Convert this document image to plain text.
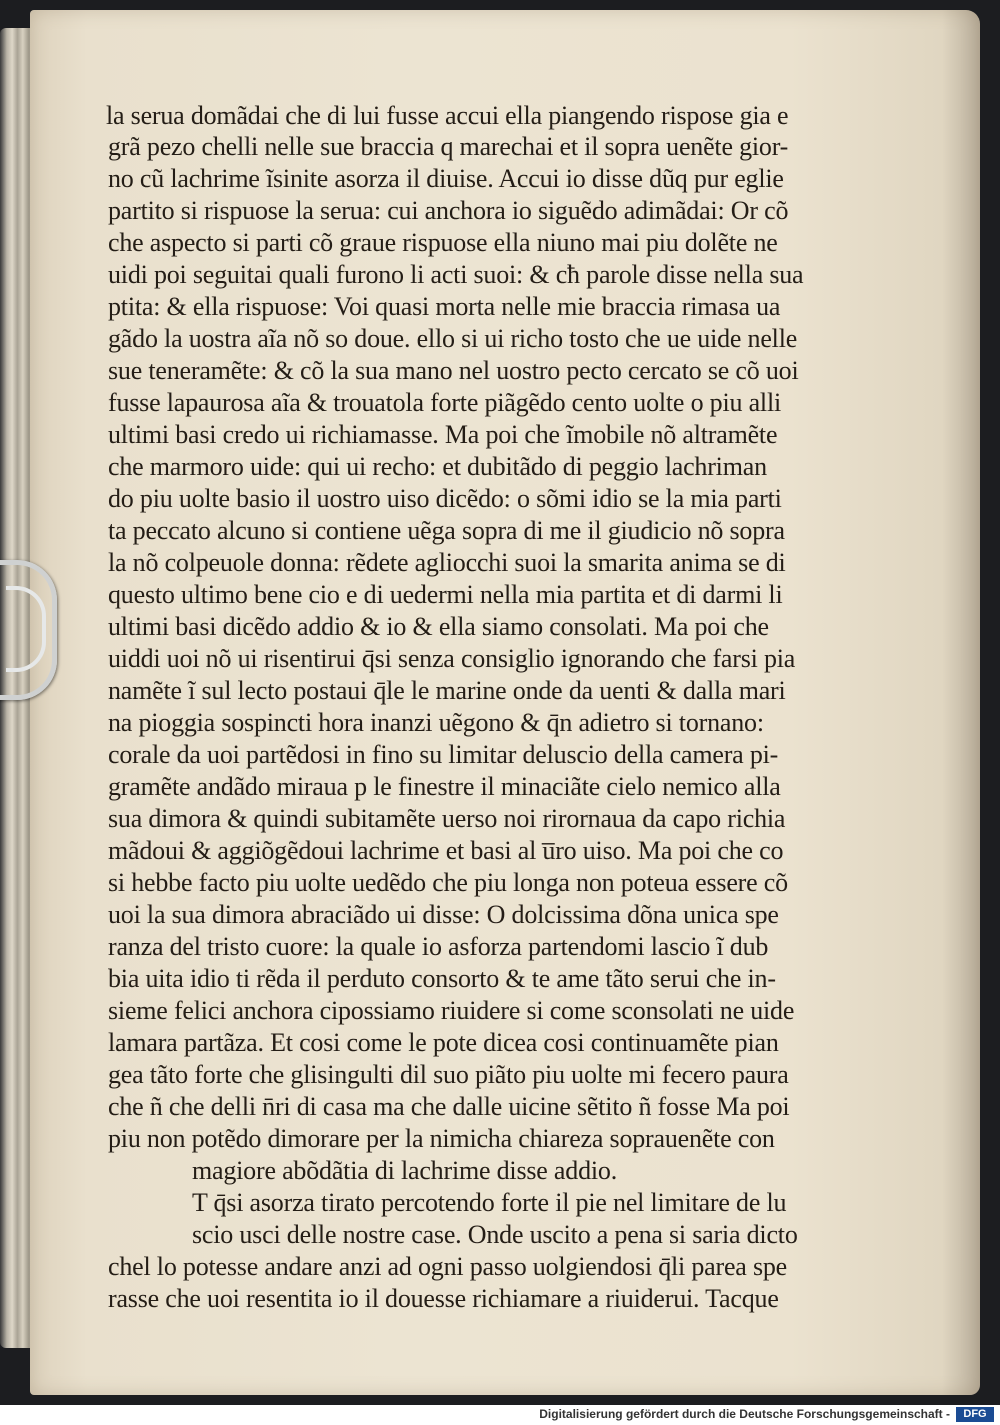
la serua domãdai che di lui fusse accui ella piangendo rispose gia e
grã pezo chelli nelle sue braccia q marechai et il sopra uenẽte gior-
no cũ lachrime ĩsinite asorza il diuise. Accui io disse dũq pur eglie
partito si rispuose la serua: cui anchora io siguẽdo adimãdai: Or cõ
che aspecto si parti cõ graue rispuose ella niuno mai piu dolẽte ne
uidi poi seguitai quali furono li acti suoi: & cħ parole disse nella sua
ptita: & ella rispuose: Voi quasi morta nelle mie braccia rimasa ua
gãdo la uostra aĩa nõ so doue. ello si ui richo tosto che ue uide nelle
sue teneramẽte: & cõ la sua mano nel uostro pecto cercato se cõ uoi
fusse lapaurosa aĩa & trouatola forte piãgẽdo cento uolte o piu alli
ultimi basi credo ui richiamasse. Ma poi che ĩmobile nõ altramẽte
che marmoro uide: qui ui recho: et dubitãdo di peggio lachriman
do piu uolte basio il uostro uiso dicẽdo: o sõmi idio se la mia parti
ta peccato alcuno si contiene uẽga sopra di me il giudicio nõ sopra
la nõ colpeuole donna: rẽdete agliocchi suoi la smarita anima se di
questo ultimo bene cio e di uedermi nella mia partita et di darmi li
ultimi basi dicẽdo addio & io & ella siamo consolati. Ma poi che
uiddi uoi nõ ui risentirui q̄si senza consiglio ignorando che farsi pia
namẽte ĩ sul lecto postaui q̄le le marine onde da uenti & dalla mari
na pioggia sospincti hora inanzi uẽgono & q̄n adietro si tornano:
corale da uoi partẽdosi in fino su limitar deluscio della camera pi-
gramẽte andãdo miraua p le finestre il minaciãte cielo nemico alla
sua dimora & quindi subitamẽte uerso noi rirornaua da capo richia
mãdoui & aggiõgẽdoui lachrime et basi al u̅ro uiso. Ma poi che co
si hebbe facto piu uolte uedẽdo che piu longa non poteua essere cõ
uoi la sua dimora abraciãdo ui disse: O dolcissima dõna unica spe
ranza del tristo cuore: la quale io asforza partendomi lascio ĩ dub
bia uita idio ti rẽda il perduto consorto & te ame tãto serui che in-
sieme felici anchora cipossiamo riuidere si come sconsolati ne uide
lamara partãza. Et cosi come le pote dicea cosi continuamẽte pian
gea tãto forte che glisingulti dil suo piãto piu uolte mi fecero paura
che ñ che delli n̄ri di casa ma che dalle uicine sẽtito ñ fosse Ma poi
piu non potẽdo dimorare per la nimicha chiareza soprauenẽte con
magiore abõdãtia di lachrime disse addio.
T q̄si asorza tirato percotendo forte il pie nel limitare de lu
scio usci delle nostre case. Onde uscito a pena si saria dicto
chel lo potesse andare anzi ad ogni passo uolgiendosi q̄li parea spe
rasse che uoi resentita io il douesse richiamare a riuiderui. Tacque
Digitalisierung gefördert durch die Deutsche Forschungsgemeinschaft -	DFG
